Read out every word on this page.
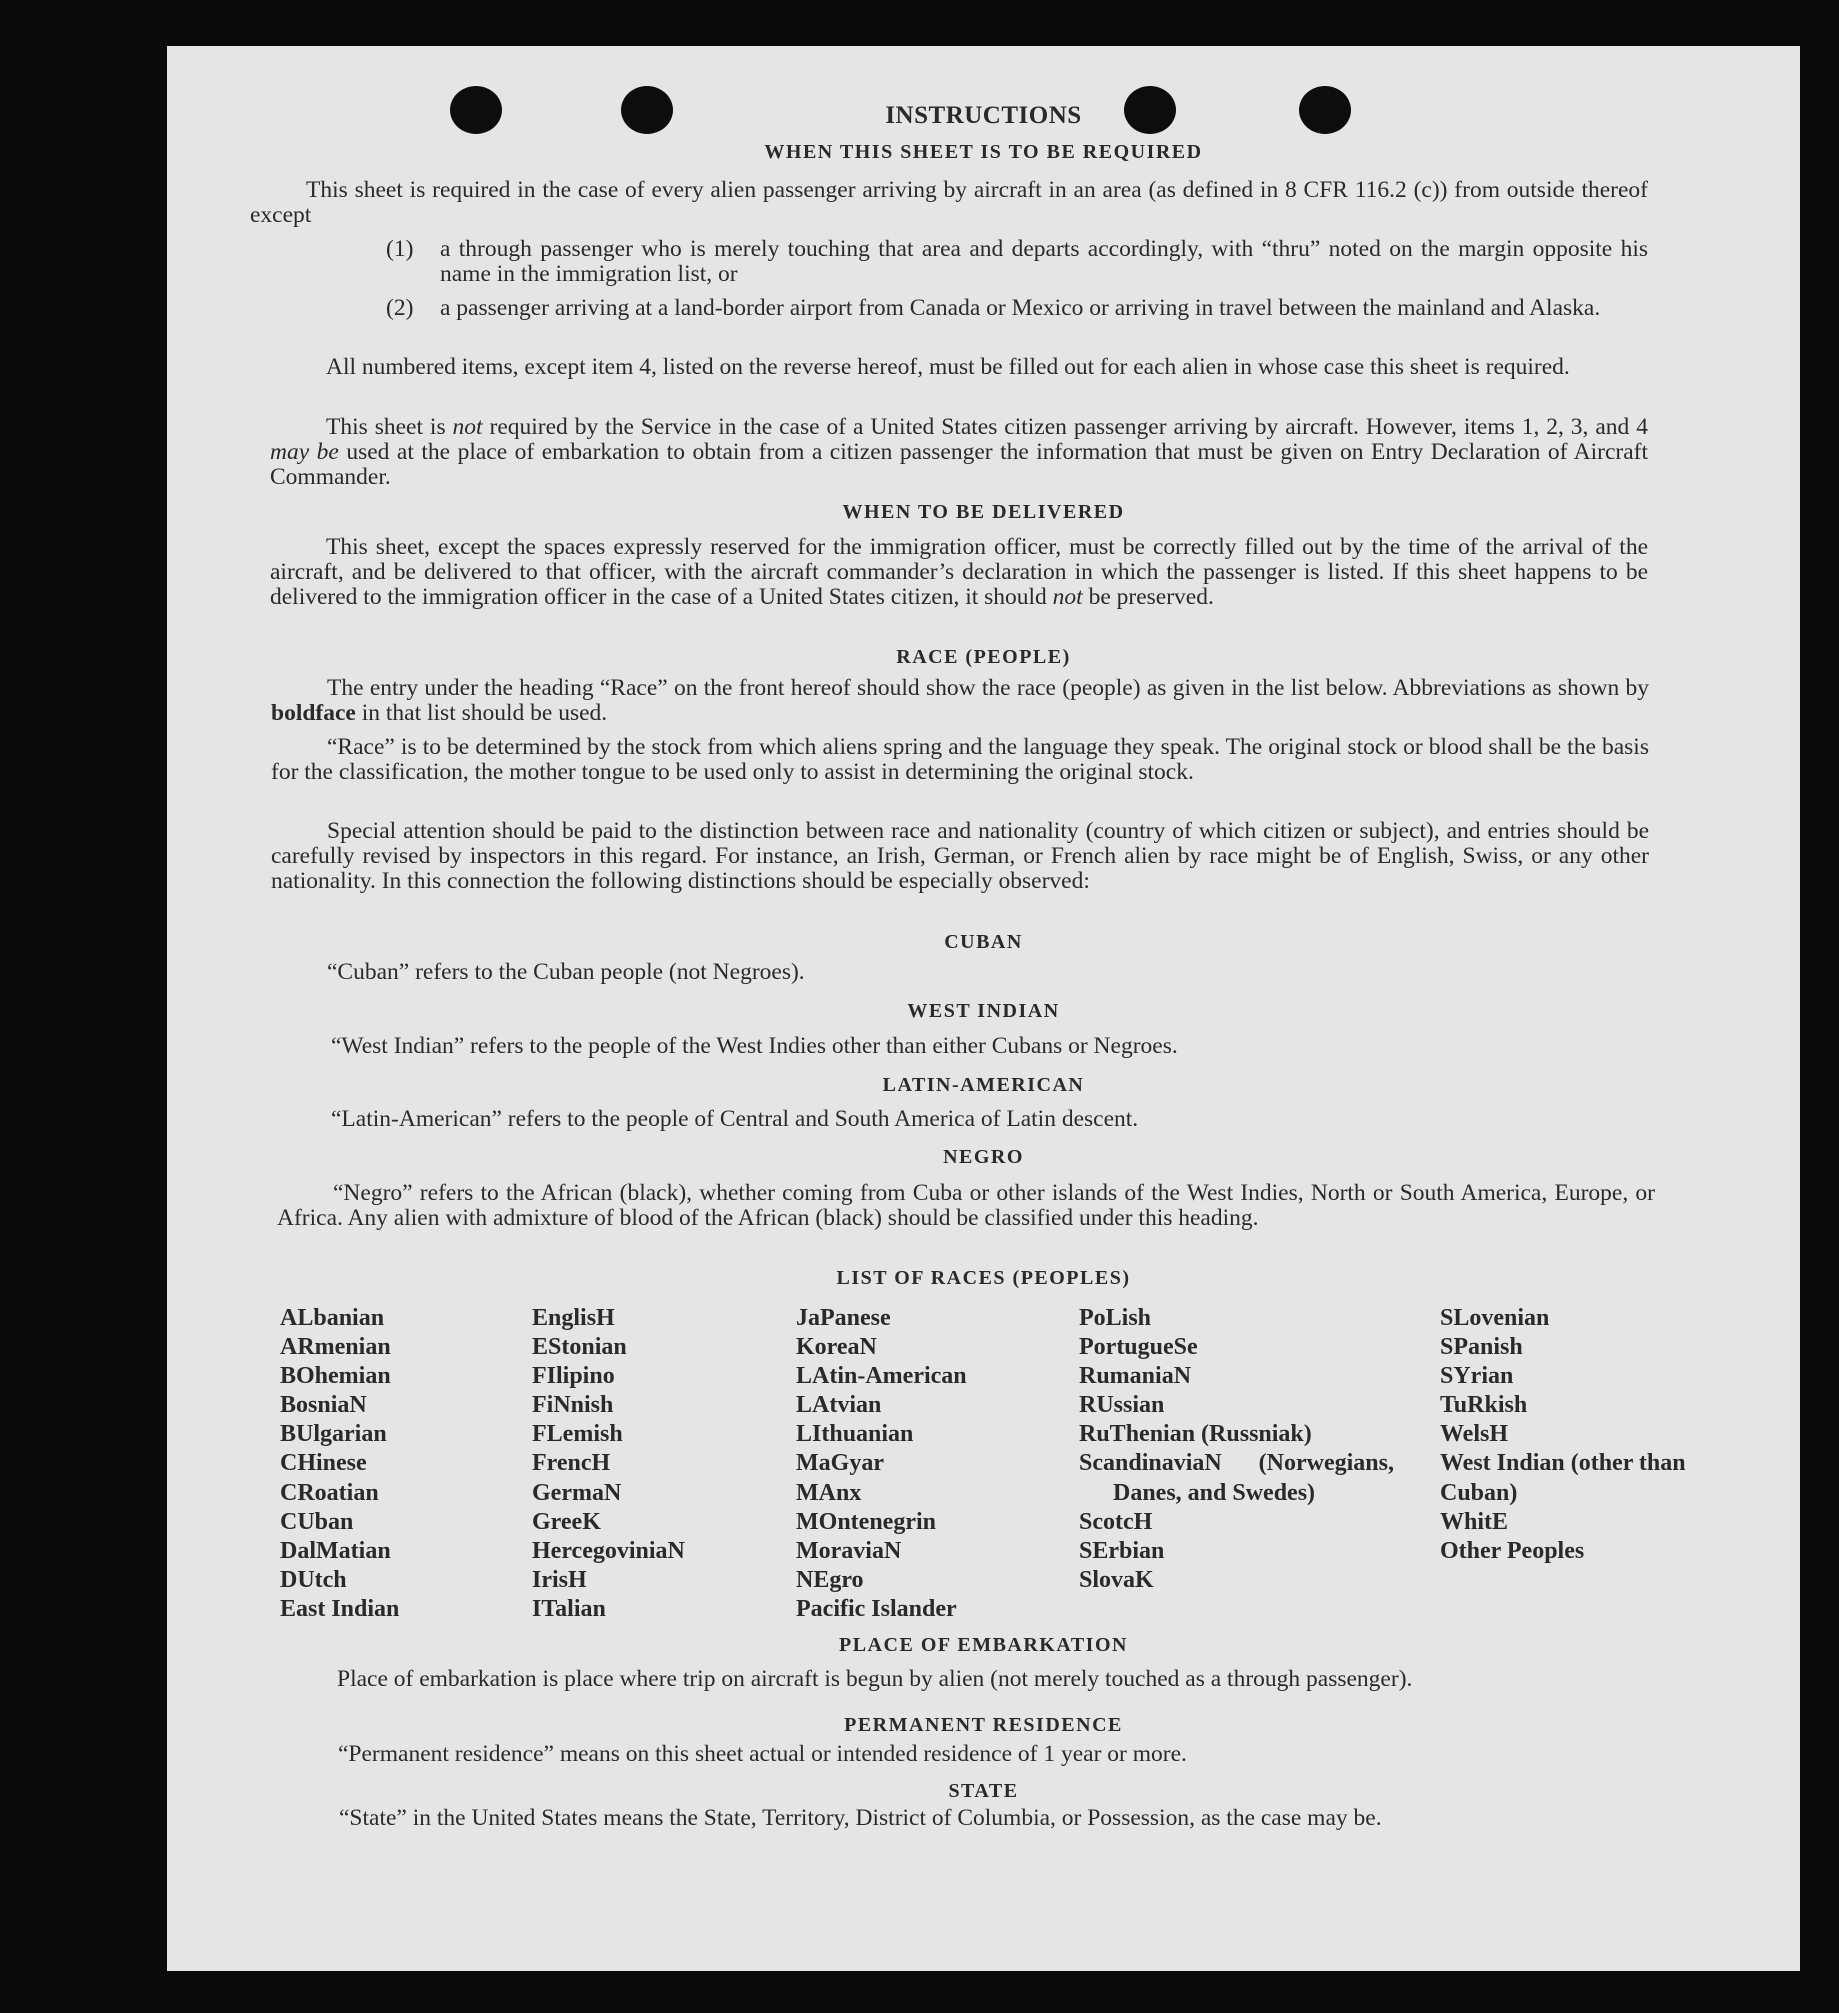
INSTRUCTIONS
WHEN THIS SHEET IS TO BE REQUIRED
This sheet is required in the case of every alien passenger arriving by aircraft in an area (as defined in 8 CFR 116.2 (c)) from outside thereof except
(1) a through passenger who is merely touching that area and departs accordingly, with “thru” noted on the margin opposite his name in the immigration list, or
(2) a passenger arriving at a land-border airport from Canada or Mexico or arriving in travel between the mainland and Alaska.
All numbered items, except item 4, listed on the reverse hereof, must be filled out for each alien in whose case this sheet is required.
This sheet is not required by the Service in the case of a United States citizen passenger arriving by aircraft. However, items 1, 2, 3, and 4 may be used at the place of embarkation to obtain from a citizen passenger the information that must be given on Entry Declaration of Aircraft Commander.
WHEN TO BE DELIVERED
This sheet, except the spaces expressly reserved for the immigration officer, must be correctly filled out by the time of the arrival of the aircraft, and be delivered to that officer, with the aircraft commander’s declaration in which the passenger is listed. If this sheet happens to be delivered to the immigration officer in the case of a United States citizen, it should not be preserved.
RACE (PEOPLE)
The entry under the heading “Race” on the front hereof should show the race (people) as given in the list below. Abbreviations as shown by boldface in that list should be used.
“Race” is to be determined by the stock from which aliens spring and the language they speak. The original stock or blood shall be the basis for the classification, the mother tongue to be used only to assist in determining the original stock.
Special attention should be paid to the distinction between race and nationality (country of which citizen or subject), and entries should be carefully revised by inspectors in this regard. For instance, an Irish, German, or French alien by race might be of English, Swiss, or any other nationality. In this connection the following distinctions should be especially observed:
CUBAN
“Cuban” refers to the Cuban people (not Negroes).
WEST INDIAN
“West Indian” refers to the people of the West Indies other than either Cubans or Negroes.
LATIN-AMERICAN
“Latin-American” refers to the people of Central and South America of Latin descent.
NEGRO
“Negro” refers to the African (black), whether coming from Cuba or other islands of the West Indies, North or South America, Europe, or Africa. Any alien with admixture of blood of the African (black) should be classified under this heading.
LIST OF RACES (PEOPLES)
ALbanian
ARmenian
BOhemian
BosniaN
BUlgarian
CHinese
CRoatian
CUban
DalMatian
DUtch
East Indian
EnglisH
EStonian
FIlipino
FiNnish
FLemish
FrencH
GermaN
GreeK
HercegoviniaN
IrisH
ITalian
JaPanese
KoreaN
LAtin-American
LAtvian
LIthuanian
MaGyar
MAnx
MOntenegrin
MoraviaN
NEgro
Pacific Islander
PoLish
PortugueSe
RumaniaN
RUssian
RuThenian (Russniak)
ScandinaviaN (Norwegians, Danes, and Swedes)
ScotcH
SErbian
SlovaK
SLovenian
SPanish
SYrian
TuRkish
WelsH
West Indian (other than Cuban)
WhitE
Other Peoples
PLACE OF EMBARKATION
Place of embarkation is place where trip on aircraft is begun by alien (not merely touched as a through passenger).
PERMANENT RESIDENCE
“Permanent residence” means on this sheet actual or intended residence of 1 year or more.
STATE
“State” in the United States means the State, Territory, District of Columbia, or Possession, as the case may be.
